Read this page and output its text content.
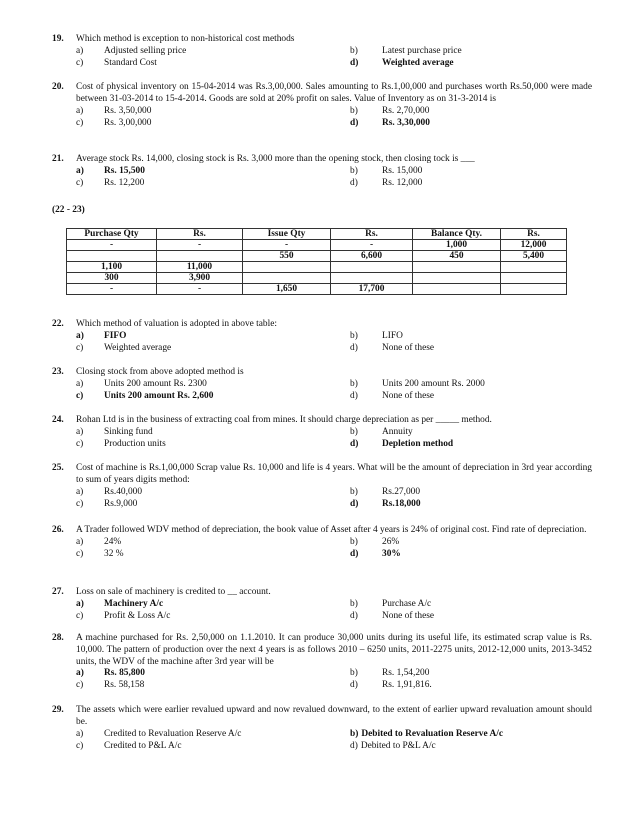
19.	Which method is exception to non-historical cost methods
a)	Adjusted selling price	b)	Latest purchase price
c)	Standard Cost	d)	Weighted average
20.	Cost of physical inventory on 15-04-2014 was Rs.3,00,000. Sales amounting to Rs.1,00,000 and purchases worth Rs.50,000 were made between 31-03-2014 to 15-4-2014. Goods are sold at 20% profit on sales. Value of Inventory as on 31-3-2014 is
a)	Rs. 3,50,000	b)	Rs. 2,70,000
c)	Rs. 3,00,000	d)	Rs. 3,30,000
21.	Average stock Rs. 14,000, closing stock is Rs. 3,000 more than the opening stock, then closing tock is ___
a)	Rs. 15,500	b)	Rs. 15,000
c)	Rs. 12,200	d)	Rs. 12,000
(22 - 23)
Purchase Qty	Rs.	Issue Qty	Rs.	Balance Qty.	Rs.
-	-	-	-	1,000	12,000
		550	6,600	450	5,400
1,100	11,000				
300	3,900				
-	-	1,650	17,700		
22.	Which method of valuation is adopted in above table:
a)	FIFO	b)	LIFO
c)	Weighted average	d)	None of these
23.	Closing stock from above adopted method is
a)	Units 200 amount Rs. 2300	b)	Units 200 amount Rs. 2000
c)	Units 200 amount Rs. 2,600	d)	None of these
24.	Rohan Ltd is in the business of extracting coal from mines. It should charge depreciation as per _____ method.
a)	Sinking fund	b)	Annuity
c)	Production units	d)	Depletion method
25.	Cost of machine is Rs.1,00,000 Scrap value Rs. 10,000 and life is 4 years. What will be the amount of depreciation in 3rd year according to sum of years digits method:
a)	Rs.40,000	b)	Rs.27,000
c)	Rs.9,000	d)	Rs.18,000
26.	A Trader followed WDV method of depreciation, the book value of Asset after 4 years is 24% of original cost. Find rate of depreciation.
a)	24%	b)	26%
c)	32 %	d)	30%
27.	Loss on sale of machinery is credited to __ account.
a)	Machinery A/c	b)	Purchase A/c
c)	Profit & Loss A/c	d)	None of these
28.	A machine purchased for Rs. 2,50,000 on 1.1.2010. It can produce 30,000 units during its useful life, its estimated scrap value is Rs. 10,000. The pattern of production over the next 4 years is as follows 2010 – 6250 units, 2011-2275 units, 2012-12,000 units, 2013-3452 units, the WDV of the machine after 3rd year will be
a)	Rs. 85,800	b)	Rs. 1,54,200
c)	Rs. 58,158	d)	Rs. 1,91,816.
29.	The assets which were earlier revalued upward and now revalued downward, to the extent of earlier upward revaluation amount should be.
a)	Credited to Revaluation Reserve A/c	b) Debited to Revaluation Reserve A/c
c)	Credited to P&L A/c	d) Debited to P&L A/c
